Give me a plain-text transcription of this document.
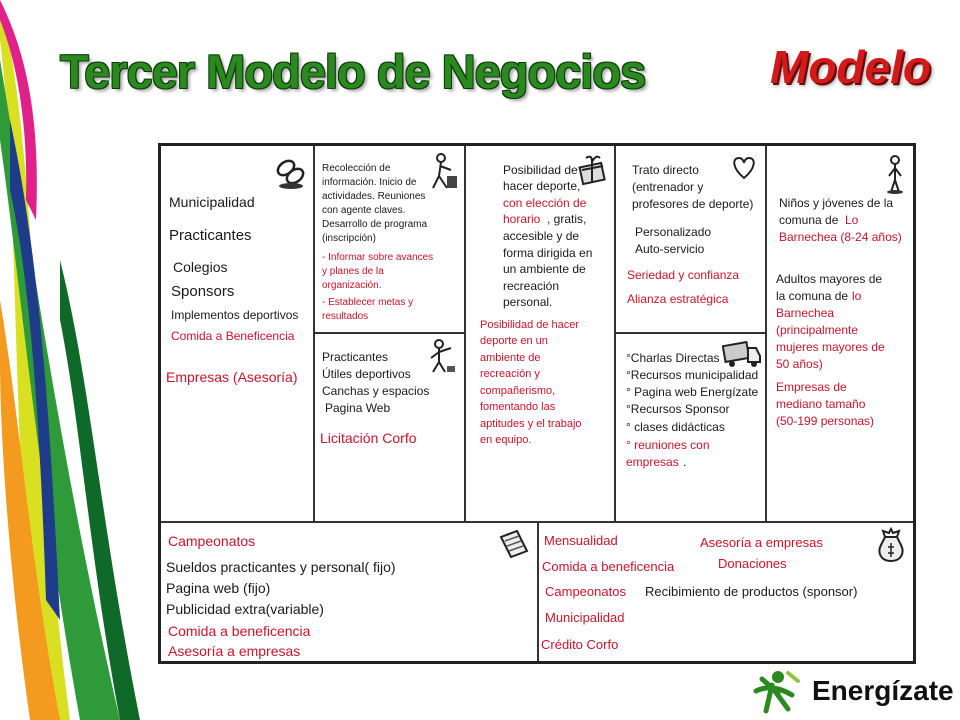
Tercer Modelo de Negocios	Modelo
Municipalidad
Practicantes
Colegios
Sponsors
Implementos deportivos
Comida a Beneficencia
Empresas (Asesoría)
Recolección de
información. Inicio de
actividades. Reuniones
con agente claves.
Desarrollo de programa
(inscripción)
- Informar sobre avances
y planes de la
organización.
- Establecer metas y
resultados
Practicantes
Útiles deportivos
Canchas y espacios
Pagina Web
Licitación Corfo
Posibilidad de
hacer deporte,
con elección de
horario , gratis,
accesible y de
forma dirigida en
un ambiente de
recreación
personal.
Posibilidad de hacer
deporte en un
ambiente de
recreación y
compañerismo,
fomentando las
aptitudes y el trabajo
en equipo.
Trato directo
(entrenador y
profesores de deporte)
Personalizado
Auto-servicio
Seriedad y confianza
Alianza estratégica
°Charlas Directas
°Recursos municipalidad
° Pagina web Energízate
°Recursos Sponsor
° clases didácticas
° reuniones con
empresas .
Niños y jóvenes de la
comuna de Lo
Barnechea (8-24 años)
Adultos mayores de
la comuna de lo
Barnechea
(principalmente
mujeres mayores de
50 años)
Empresas de
mediano tamaño
(50-199 personas)
Campeonatos
Sueldos practicantes y personal( fijo)
Pagina web (fijo)
Publicidad extra(variable)
Comida a beneficencia
Asesoría a empresas
Mensualidad	Asesoría a empresas
Donaciones
Comida a beneficencia
Campeonatos Recibimiento de productos (sponsor)
Municipalidad
Crédito Corfo
Energízate
